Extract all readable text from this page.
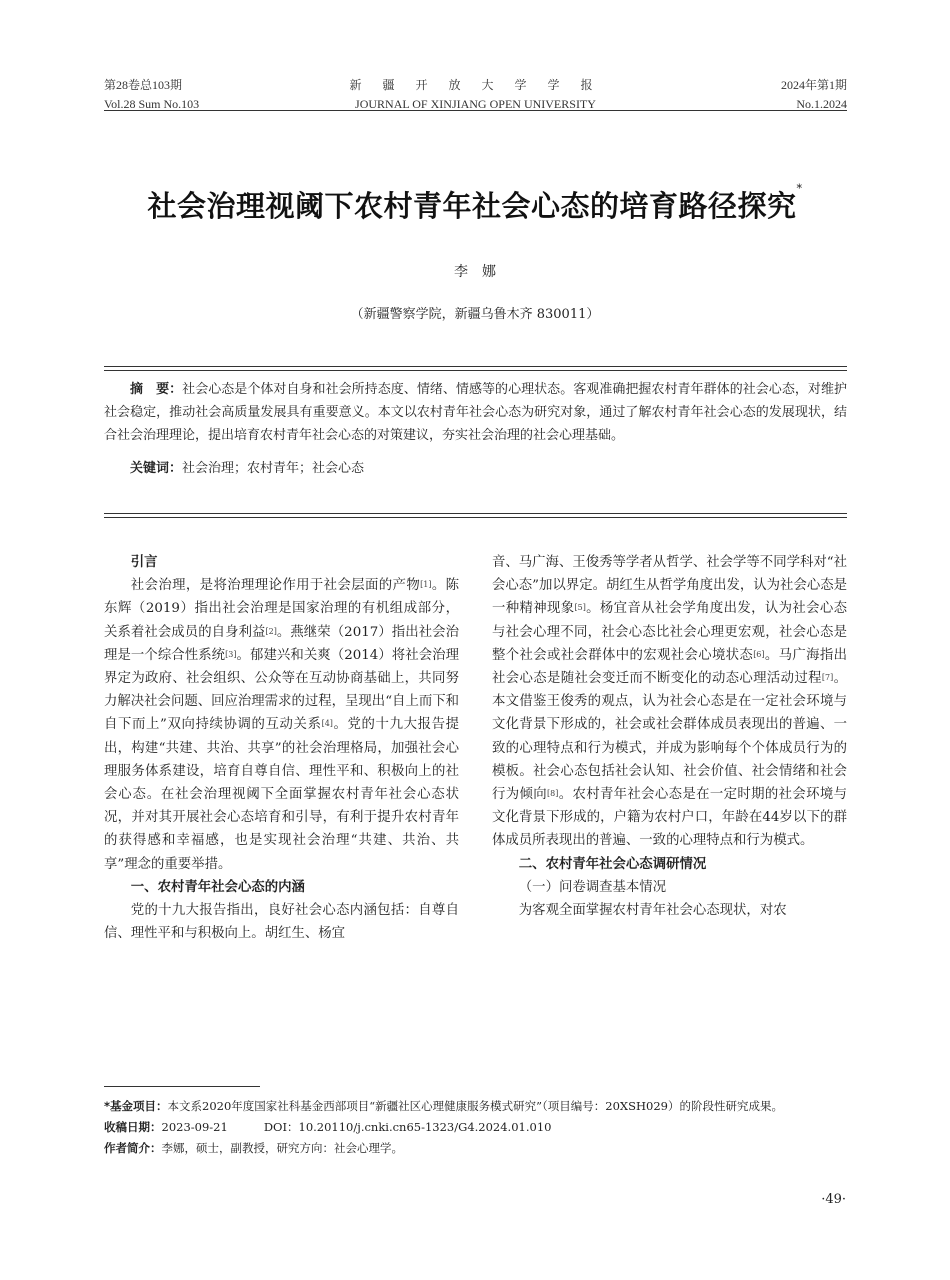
第28卷总103期
Vol.28 Sum No.103
新 疆 开 放 大 学 学 报
JOURNAL OF XINJIANG OPEN UNIVERSITY
2024年第1期
No.1.2024
社会治理视阈下农村青年社会心态的培育路径探究*
李娜
（新疆警察学院，新疆乌鲁木齐 830011）

摘　要：社会心态是个体对自身和社会所持态度、情绪、情感等的心理状态。客观准确把握农村青年群体的社会心态，对维护社会稳定，推动社会高质量发展具有重要意义。本文以农村青年社会心态为研究对象，通过了解农村青年社会心态的发展现状，结合社会治理理论，提出培育农村青年社会心态的对策建议，夯实社会治理的社会心理基础。

关键词：社会治理；农村青年；社会心态

引言

社会治理，是将治理理论作用于社会层面的产物[1]。陈东辉（2019）指出社会治理是国家治理的有机组成部分，关系着社会成员的自身利益[2]。燕继荣（2017）指出社会治理是一个综合性系统[3]。郁建兴和关爽（2014）将社会治理界定为政府、社会组织、公众等在互动协商基础上，共同努力解决社会问题、回应治理需求的过程，呈现出“自上而下和自下而上”双向持续协调的互动关系[4]。党的十九大报告提出，构建“共建、共治、共享”的社会治理格局，加强社会心理服务体系建设，培育自尊自信、理性平和、积极向上的社会心态。在社会治理视阈下全面掌握农村青年社会心态状况，并对其开展社会心态培育和引导，有利于提升农村青年的获得感和幸福感，也是实现社会治理“共建、共治、共享”理念的重要举措。

一、农村青年社会心态的内涵

党的十九大报告指出，良好社会心态内涵包括：自尊自信、理性平和与积极向上。胡红生、杨宜

音、马广海、王俊秀等学者从哲学、社会学等不同学科对“社会心态”加以界定。胡红生从哲学角度出发，认为社会心态是一种精神现象[5]。杨宜音从社会学角度出发，认为社会心态与社会心理不同，社会心态比社会心理更宏观，社会心态是整个社会或社会群体中的宏观社会心境状态[6]。马广海指出社会心态是随社会变迁而不断变化的动态心理活动过程[7]。本文借鉴王俊秀的观点，认为社会心态是在一定社会环境与文化背景下形成的，社会或社会群体成员表现出的普遍、一致的心理特点和行为模式，并成为影响每个个体成员行为的模板。社会心态包括社会认知、社会价值、社会情绪和社会行为倾向[8]。农村青年社会心态是在一定时期的社会环境与文化背景下形成的，户籍为农村户口，年龄在44岁以下的群体成员所表现出的普遍、一致的心理特点和行为模式。

二、农村青年社会心态调研情况
（一）问卷调查基本情况

为客观全面掌握农村青年社会心态现状，对农

*基金项目：本文系2020年度国家社科基金西部项目“新疆社区心理健康服务模式研究”（项目编号：20XSH029）的阶段性研究成果。

收稿日期：2023-09-21	DOI：10.20110/j.cnki.cn65-1323/G4.2024.01.010

作者简介：李娜，硕士，副教授，研究方向：社会心理学。

·49·
